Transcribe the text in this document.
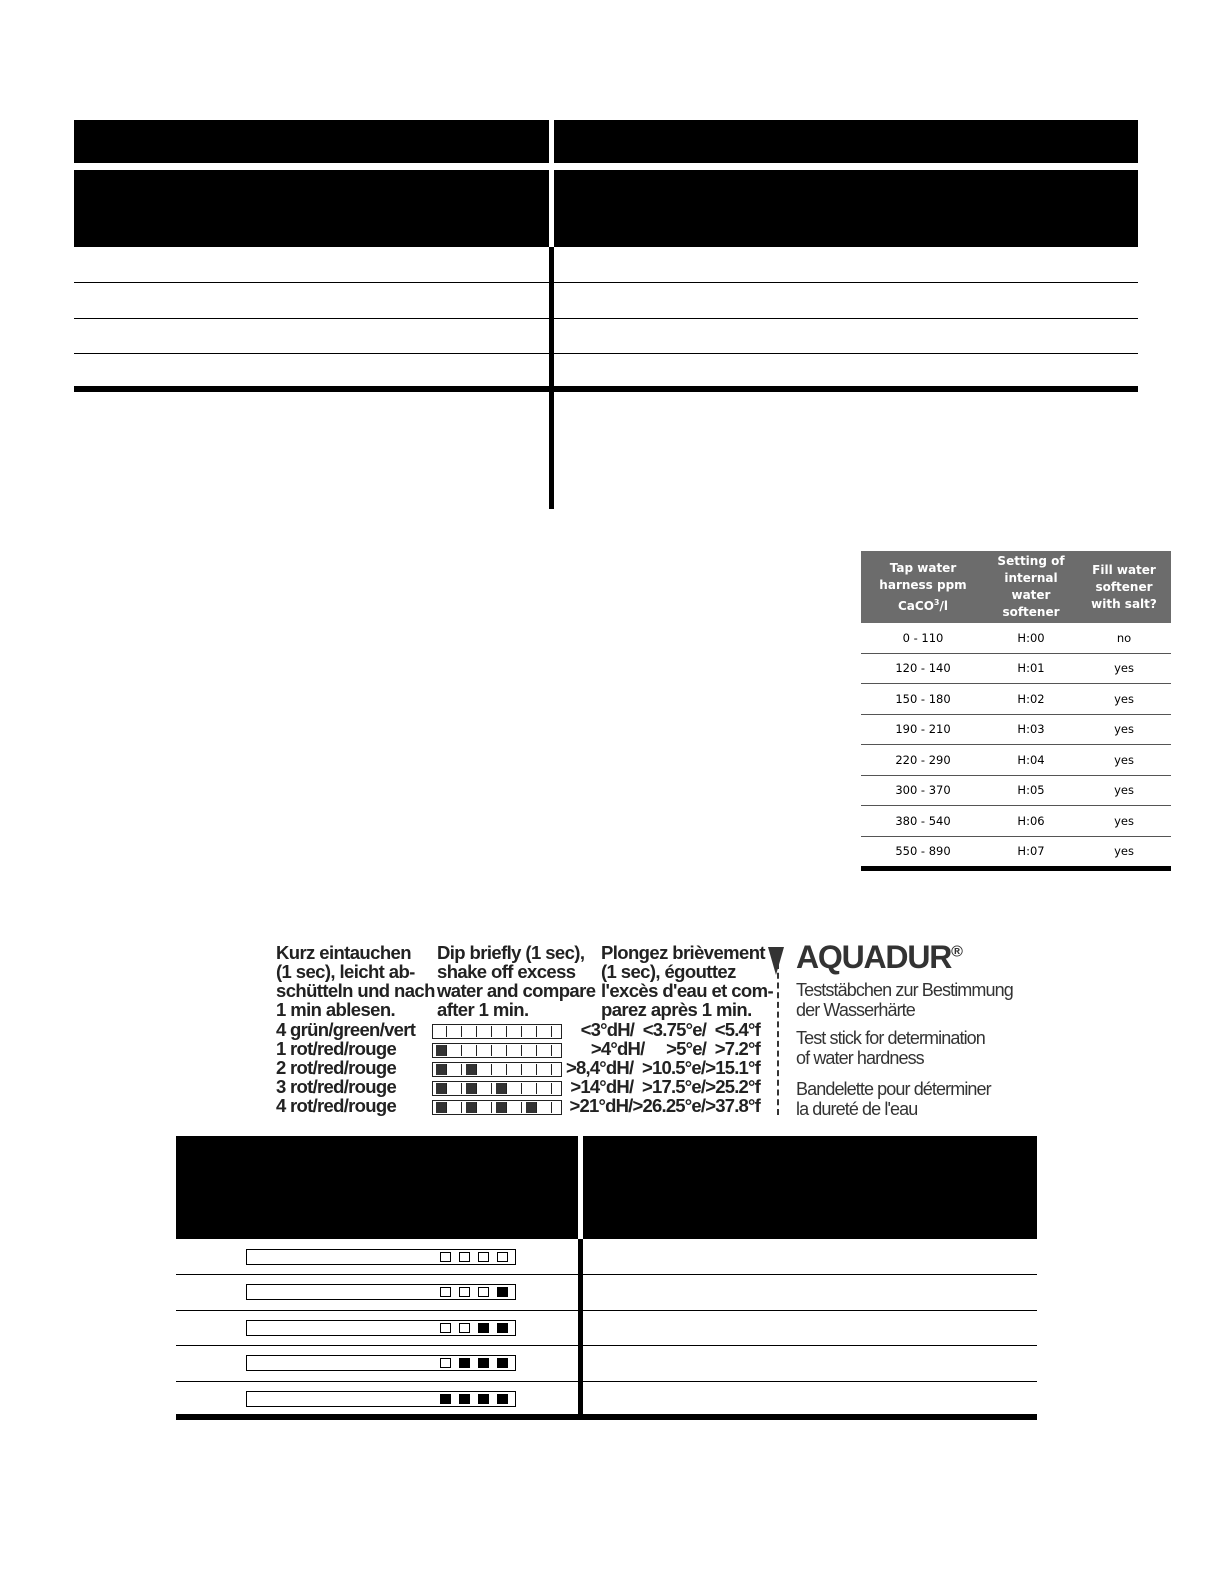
Tap water harness ppm CaCO$^3$/l	Setting of internal water softener	Fill water softener with salt?
0 - 110	H:00	no
120 - 140	H:01	yes
150 - 180	H:02	yes
190 - 210	H:03	yes
220 - 290	H:04	yes
300 - 370	H:05	yes
380 - 540	H:06	yes
550 - 890	H:07	yes
Kurz eintauchen
(1 sec), leicht ab-
schütteln und nach
1 min ablesen.
Dip briefly (1 sec),
shake off excess
water and compare
after 1 min.
Plongez brièvement
(1 sec), égouttez
l'excès d'eau et com-
parez après 1 min.
4 grün/green/vert	<3°dH/  <3.75°e/  <5.4°f
1 rot/red/rouge	>4°dH/     >5°e/  >7.2°f
2 rot/red/rouge	>8,4°dH/  >10.5°e/>15.1°f
3 rot/red/rouge	>14°dH/  >17.5°e/>25.2°f
4 rot/red/rouge	>21°dH/>26.25°e/>37.8°f
AQUADUR®
Teststäbchen zur Bestimmung
der Wasserhärte
Test stick for determination
of water hardness
Bandelette pour déterminer
la dureté de l'eau
